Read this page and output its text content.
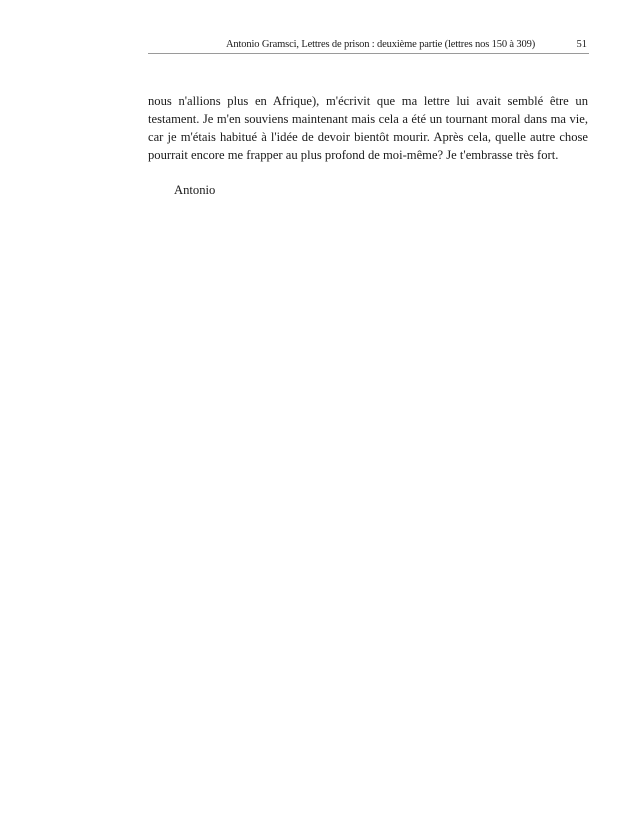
Antonio Gramsci, Lettres de prison : deuxième partie (lettres nos 150 à 309)	51

nous n'allions plus en Afrique), m'écrivit que ma lettre lui avait semblé être un testament. Je m'en souviens maintenant mais cela a été un tournant moral dans ma vie, car je m'étais habitué à l'idée de devoir bientôt mourir. Après cela, quelle autre chose pourrait encore me frapper au plus profond de moi-même? Je t'embrasse très fort.

Antonio
